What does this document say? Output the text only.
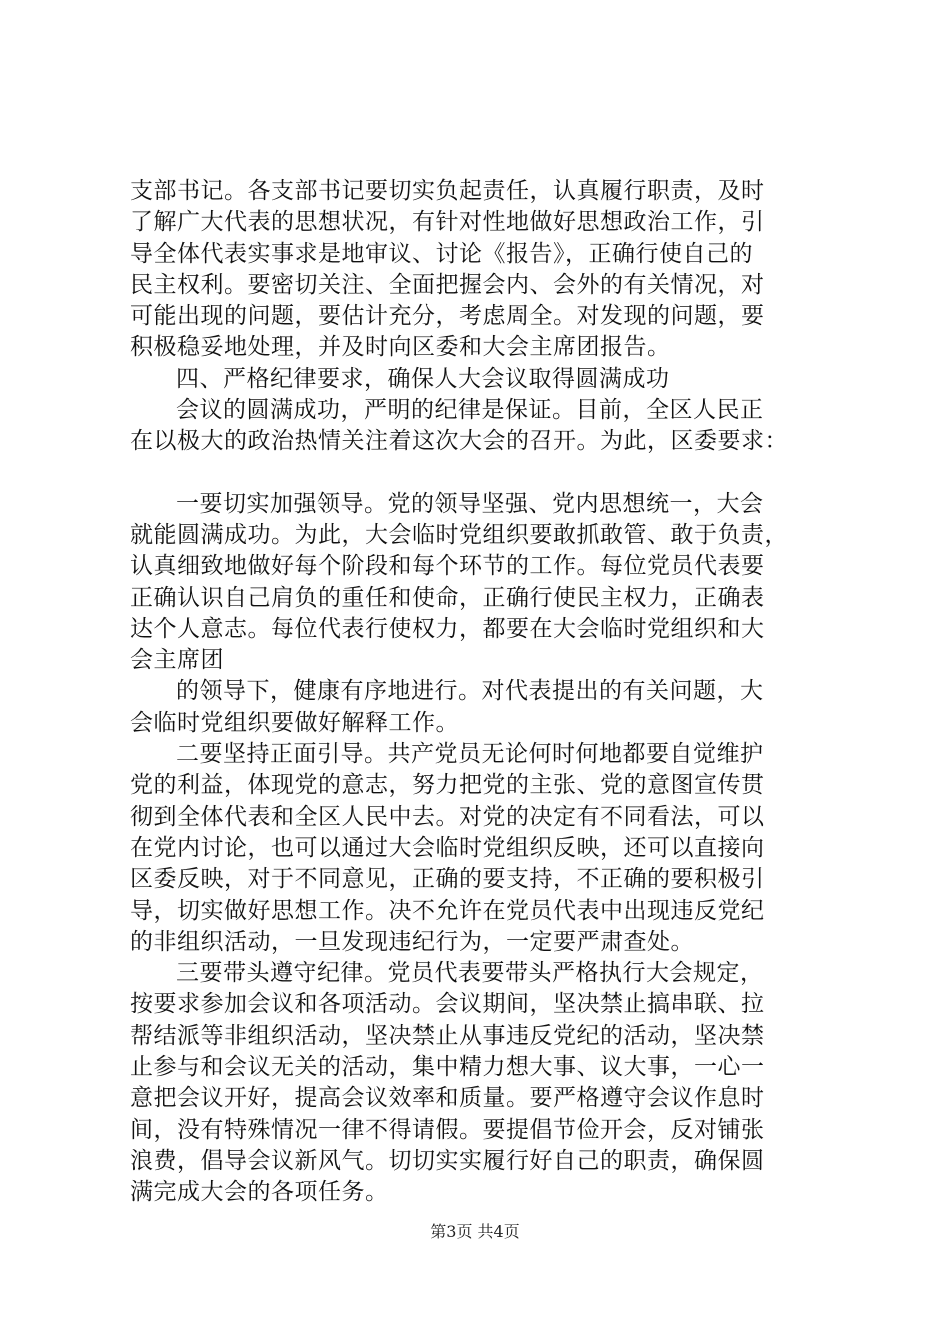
支部书记。各支部书记要切实负起责任，认真履行职责，及时
了解广大代表的思想状况，有针对性地做好思想政治工作，引
导全体代表实事求是地审议、讨论《报告》，正确行使自己的
民主权利。要密切关注、全面把握会内、会外的有关情况，对
可能出现的问题，要估计充分，考虑周全。对发现的问题，要
积极稳妥地处理，并及时向区委和大会主席团报告。
四、严格纪律要求，确保人大会议取得圆满成功
会议的圆满成功，严明的纪律是保证。目前，全区人民正
在以极大的政治热情关注着这次大会的召开。为此，区委要求：
一要切实加强领导。党的领导坚强、党内思想统一，大会
就能圆满成功。为此，大会临时党组织要敢抓敢管、敢于负责，
认真细致地做好每个阶段和每个环节的工作。每位党员代表要
正确认识自己肩负的重任和使命，正确行使民主权力，正确表
达个人意志。每位代表行使权力，都要在大会临时党组织和大
会主席团
的领导下，健康有序地进行。对代表提出的有关问题，大
会临时党组织要做好解释工作。
二要坚持正面引导。共产党员无论何时何地都要自觉维护
党的利益，体现党的意志，努力把党的主张、党的意图宣传贯
彻到全体代表和全区人民中去。对党的决定有不同看法，可以
在党内讨论，也可以通过大会临时党组织反映，还可以直接向
区委反映，对于不同意见，正确的要支持，不正确的要积极引
导，切实做好思想工作。决不允许在党员代表中出现违反党纪
的非组织活动，一旦发现违纪行为，一定要严肃查处。
三要带头遵守纪律。党员代表要带头严格执行大会规定，
按要求参加会议和各项活动。会议期间，坚决禁止搞串联、拉
帮结派等非组织活动，坚决禁止从事违反党纪的活动，坚决禁
止参与和会议无关的活动，集中精力想大事、议大事，一心一
意把会议开好，提高会议效率和质量。要严格遵守会议作息时
间，没有特殊情况一律不得请假。要提倡节俭开会，反对铺张
浪费，倡导会议新风气。切切实实履行好自己的职责，确保圆
满完成大会的各项任务。
第3页 共4页
